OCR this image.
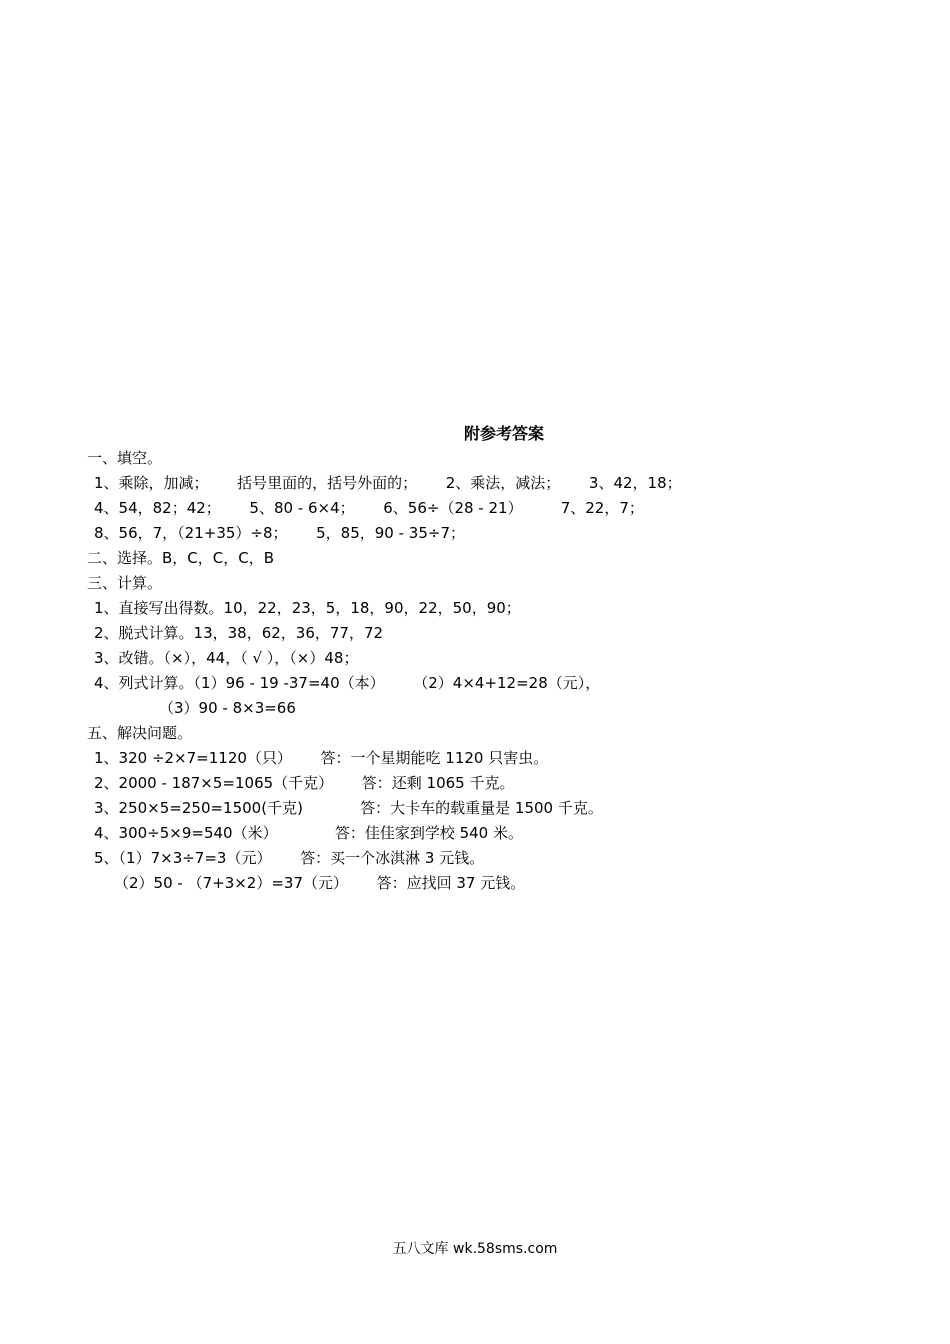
附参考答案
一、填空。
1、乘除，加减；      括号里面的，括号外面的；      2、乘法，减法；      3、42，18；
4、54，82；42；      5、80 - 6×4；      6、56÷（28 - 21）        7、22，7；
8、56，7，（21+35）÷8；      5，85，90 - 35÷7；
二、选择。B，C，C，C，B
三、计算。
1、直接写出得数。10，22，23，5，18，90，22，50，90；
2、脱式计算。13，38，62，36，77，72
3、改错。（×），44，（ √ ），（×）48；
4、列式计算。（1）96 - 19 -37=40（本）      （2）4×4+12=28（元），
（3）90 - 8×3=66
五、解决问题。
1、320 ÷2×7=1120（只）      答：一个星期能吃 1120 只害虫。
2、2000 - 187×5=1065（千克）      答：还剩 1065 千克。
3、250×5=250=1500(千克)            答：大卡车的载重量是 1500 千克。
4、300÷5×9=540（米）            答：佳佳家到学校 540 米。
5、（1）7×3÷7=3（元）      答：买一个冰淇淋 3 元钱。
（2）50 - （7+3×2）=37（元）      答：应找回 37 元钱。
五八文库 wk.58sms.com
